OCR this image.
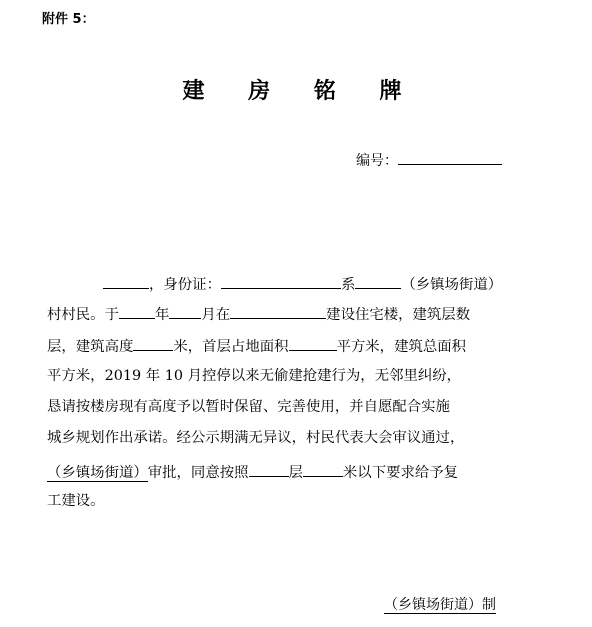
附件 5：
建 房 铭 牌
编号：
，身份证：	系	（乡镇场街道）
村村民。于	年 月在	建设住宅楼，建筑层数
层，建筑高度	米，首层占地面积	平方米，建筑总面积
平方米，2019 年 10 月控停以来无偷建抢建行为，无邻里纠纷，
恳请按楼房现有高度予以暂时保留、完善使用，并自愿配合实施
城乡规划作出承诺。经公示期满无异议，村民代表大会审议通过，
（乡镇场街道）审批，同意按照	层	米以下要求给予复
工建设。
（乡镇场街道）制
